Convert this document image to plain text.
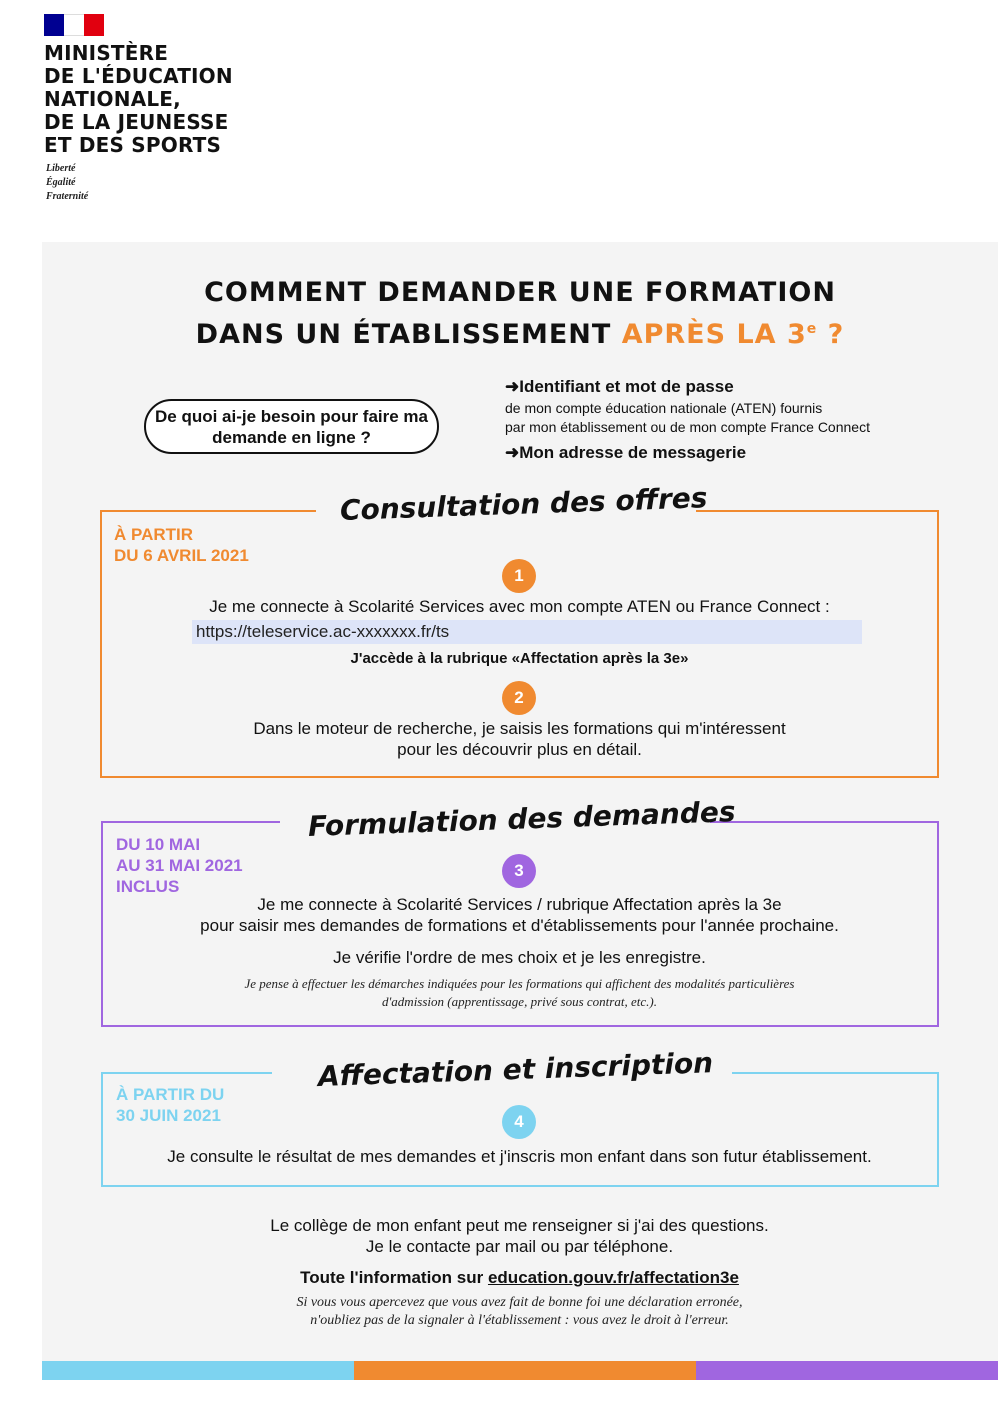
MINISTÈRE
DE L'ÉDUCATION
NATIONALE,
DE LA JEUNESSE
ET DES SPORTS
Liberté
Égalité
Fraternité
COMMENT DEMANDER UNE FORMATION
DANS UN ÉTABLISSEMENT APRÈS LA 3e ?
De quoi ai-je besoin pour faire ma demande en ligne ?
➜Identifiant et mot de passe
de mon compte éducation nationale (ATEN) fournis
par mon établissement ou de mon compte France Connect
➜Mon adresse de messagerie
Consultation des offres
À PARTIR
DU 6 AVRIL 2021
1
Je me connecte à Scolarité Services avec mon compte ATEN ou France Connect :
https://teleservice.ac-xxxxxxx.fr/ts
J'accède à la rubrique «Affectation après la 3e»
2
Dans le moteur de recherche, je saisis les formations qui m'intéressent
pour les découvrir plus en détail.
Formulation des demandes
DU 10 MAI
AU 31 MAI 2021
INCLUS
3
Je me connecte à Scolarité Services / rubrique Affectation après la 3e
pour saisir mes demandes de formations et d'établissements pour l'année prochaine.
Je vérifie l'ordre de mes choix et je les enregistre.
Je pense à effectuer les démarches indiquées pour les formations qui affichent des modalités particulières
d'admission (apprentissage, privé sous contrat, etc.).
Affectation et inscription
À PARTIR DU
30 JUIN 2021	4
Je consulte le résultat de mes demandes et j'inscris mon enfant dans son futur établissement.
Le collège de mon enfant peut me renseigner si j'ai des questions.
Je le contacte par mail ou par téléphone.
Toute l'information sur education.gouv.fr/affectation3e
Si vous vous apercevez que vous avez fait de bonne foi une déclaration erronée,
n'oubliez pas de la signaler à l'établissement : vous avez le droit à l'erreur.
